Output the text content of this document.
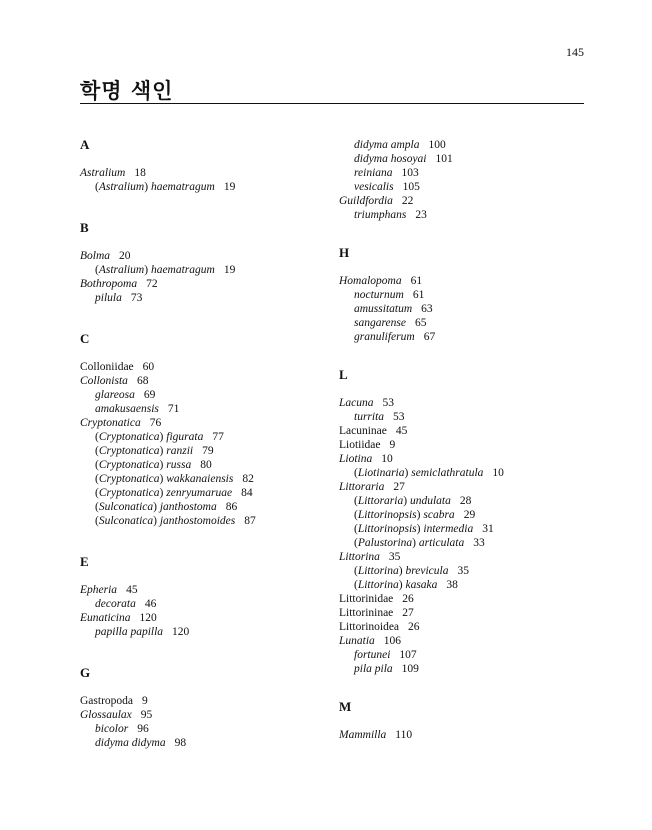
145
학명 색인
A
Astralium 18
(Astralium) haematragum 19
B
Bolma 20
(Astralium) haematragum 19
Bothropoma 72
pilula 73
C
Colloniidae 60
Collonista 68
glareosa 69
amakusaensis 71
Cryptonatica 76
(Cryptonatica) figurata 77
(Cryptonatica) ranzii 79
(Cryptonatica) russa 80
(Cryptonatica) wakkanaiensis 82
(Cryptonatica) zenryumaruae 84
(Sulconatica) janthostoma 86
(Sulconatica) janthostomoides 87
E
Epheria 45
decorata 46
Eunaticina 120
papilla papilla 120
G
Gastropoda 9
Glossaulax 95
bicolor 96
didyma didyma 98
didyma ampla 100
didyma hosoyai 101
reiniana 103
vesicalis 105
Guildfordia 22
triumphans 23
H
Homalopoma 61
nocturnum 61
amussitatum 63
sangarense 65
granuliferum 67
L
Lacuna 53
turrita 53
Lacuninae 45
Liotiidae 9
Liotina 10
(Liotinaria) semiclathratula 10
Littoraria 27
(Littoraria) undulata 28
(Littorinopsis) scabra 29
(Littorinopsis) intermedia 31
(Palustorina) articulata 33
Littorina 35
(Littorina) brevicula 35
(Littorina) kasaka 38
Littorinidae 26
Littorininae 27
Littorinoidea 26
Lunatia 106
fortunei 107
pila pila 109
M
Mammilla 110
